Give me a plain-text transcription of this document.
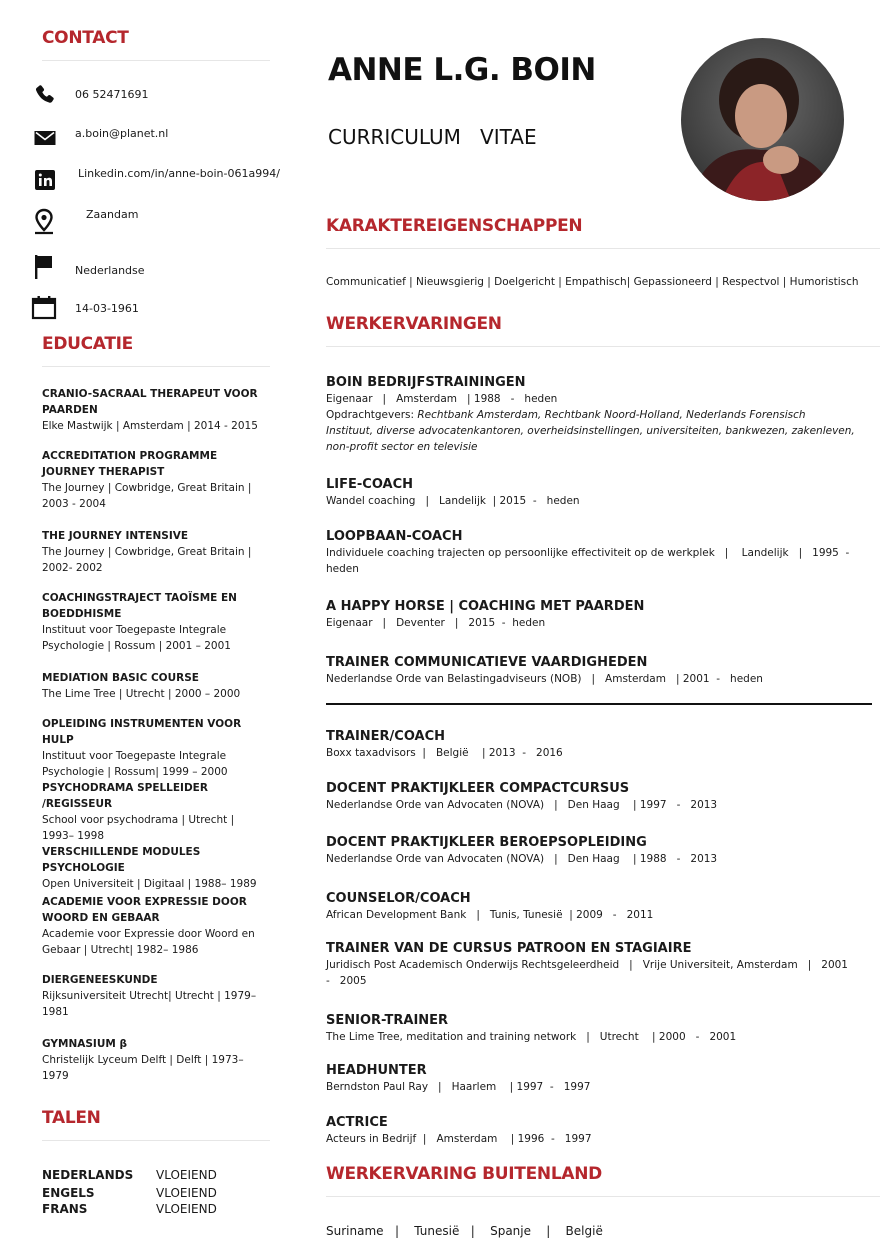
CONTACT
06 52471691
a.boin@planet.nl
Linkedin.com/in/anne-boin-061a994/
Zaandam
Nederlandse
14-03-1961
EDUCATIE
CRANIO-SACRAAL THERAPEUT VOOR PAARDEN
Elke Mastwijk | Amsterdam | 2014 - 2015
ACCREDITATION PROGRAMME JOURNEY THERAPIST
The Journey | Cowbridge, Great Britain | 2003 - 2004
THE JOURNEY INTENSIVE
The Journey | Cowbridge, Great Britain | 2002- 2002
COACHINGSTRAJECT TAOÏSME EN BOEDDHISME
Instituut voor Toegepaste Integrale Psychologie | Rossum | 2001 – 2001
MEDIATION BASIC COURSE
The Lime Tree | Utrecht | 2000 – 2000
OPLEIDING INSTRUMENTEN VOOR HULP
Instituut voor Toegepaste Integrale Psychologie | Rossum| 1999 – 2000
PSYCHODRAMA SPELLEIDER /REGISSEUR
School voor psychodrama | Utrecht | 1993– 1998
VERSCHILLENDE MODULES PSYCHOLOGIE
Open Universiteit | Digitaal | 1988– 1989
ACADEMIE VOOR EXPRESSIE DOOR WOORD EN GEBAAR
Academie voor Expressie door Woord en Gebaar | Utrecht| 1982– 1986
DIERGENEESKUNDE
Rijksuniversiteit Utrecht| Utrecht | 1979– 1981
GYMNASIUM β
Christelijk Lyceum Delft | Delft | 1973– 1979
TALEN
NEDERLANDS VLOEIEND
ENGELS	VLOEIEND
FRANS	VLOEIEND
ANNE L.G. BOIN
CURRICULUM   VITAE
KARAKTEREIGENSCHAPPEN
Communicatief | Nieuwsgierig | Doelgericht | Empathisch| Gepassioneerd | Respectvol | Humoristisch
WERKERVARINGEN
BOIN BEDRIJFSTRAININGEN
Eigenaar   |   Amsterdam   | 1988   -   heden
Opdrachtgevers: Rechtbank Amsterdam, Rechtbank Noord-Holland, Nederlands Forensisch Instituut, diverse advocatenkantoren, overheidsinstellingen, universiteiten, bankwezen, zakenleven, non-profit sector en televisie
LIFE-COACH
Wandel coaching   |   Landelijk  | 2015  -   heden
LOOPBAAN-COACH
Individuele coaching trajecten op persoonlijke effectiviteit op de werkplek   |    Landelijk   |   1995  -  heden
A HAPPY HORSE | COACHING MET PAARDEN
Eigenaar   |   Deventer   |   2015  -  heden
TRAINER COMMUNICATIEVE VAARDIGHEDEN
Nederlandse Orde van Belastingadviseurs (NOB)   |   Amsterdam   | 2001  -   heden
TRAINER/COACH
Boxx taxadvisors  |   België    | 2013  -   2016
DOCENT PRAKTIJKLEER COMPACTCURSUS
Nederlandse Orde van Advocaten (NOVA)   |   Den Haag    | 1997   -   2013
DOCENT PRAKTIJKLEER BEROEPSOPLEIDING
Nederlandse Orde van Advocaten (NOVA)   |   Den Haag    | 1988   -   2013
COUNSELOR/COACH
African Development Bank   |   Tunis, Tunesië  | 2009   -   2011
TRAINER VAN DE CURSUS PATROON EN STAGIAIRE
Juridisch Post Academisch Onderwijs Rechtsgeleerdheid   |   Vrije Universiteit, Amsterdam   |   2001  -   2005
SENIOR-TRAINER
The Lime Tree, meditation and training network   |   Utrecht    | 2000   -   2001
HEADHUNTER
Berndston Paul Ray   |   Haarlem    | 1997  -   1997
ACTRICE
Acteurs in Bedrijf  |   Amsterdam    | 1996  -   1997
WERKERVARING BUITENLAND
Suriname   |    Tunesië   |    Spanje    |    België
